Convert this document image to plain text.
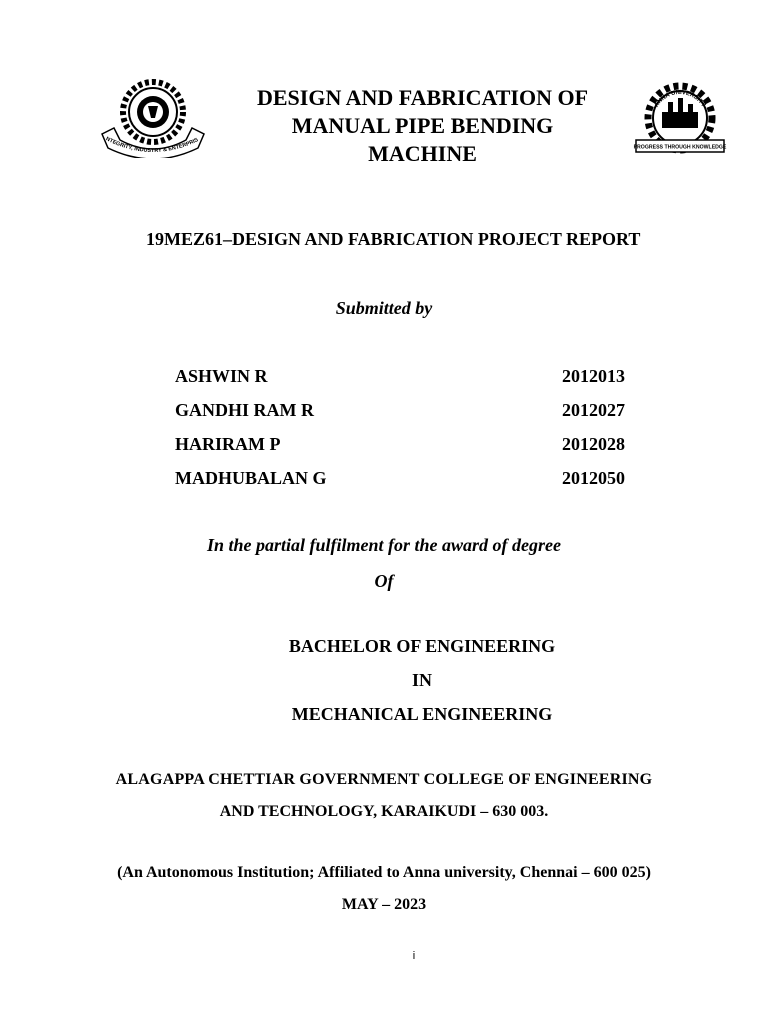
NTEGRITY, INDUSTRY & ENTERPRIS
ANNA UNIVERSITY
PROGRESS THROUGH KNOWLEDGE
DESIGN AND FABRICATION OF
MANUAL PIPE BENDING
MACHINE
19MEZ61–DESIGN AND FABRICATION PROJECT REPORT
Submitted by
ASHWIN R	2012013
GANDHI RAM R	2012027
HARIRAM P	2012028
MADHUBALAN G	2012050
In the partial fulfilment for the award of degree
Of
BACHELOR OF ENGINEERING
IN
MECHANICAL ENGINEERING
ALAGAPPA CHETTIAR GOVERNMENT COLLEGE OF ENGINEERING
AND TECHNOLOGY, KARAIKUDI – 630 003.
(An Autonomous Institution; Affiliated to Anna university, Chennai – 600 025)
MAY – 2023
i
